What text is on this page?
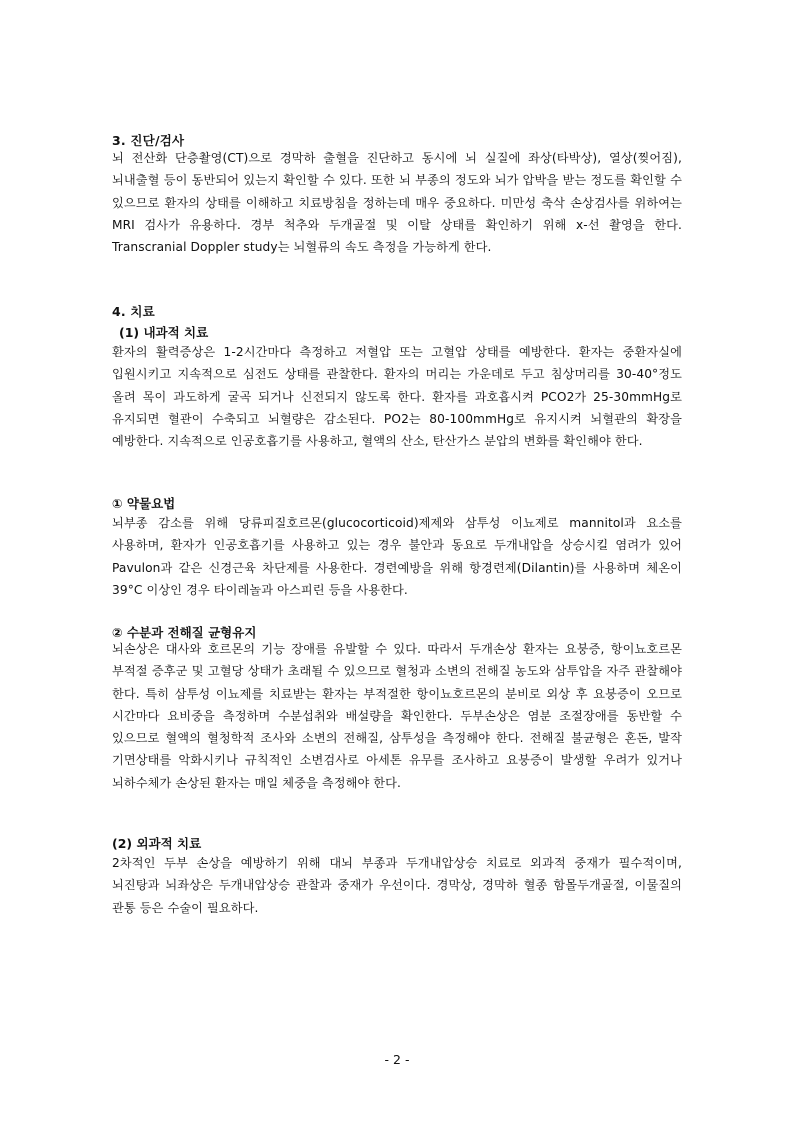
3. 진단/검사
뇌 전산화 단층촬영(CT)으로 경막하 출혈을 진단하고 동시에 뇌 실질에 좌상(타박상), 열상(찢어짐), 뇌내출혈 등이 동반되어 있는지 확인할 수 있다. 또한 뇌 부종의 정도와 뇌가 압박을 받는 정도를 확인할 수 있으므로 환자의 상태를 이해하고 치료방침을 정하는데 매우 중요하다. 미만성 축삭 손상검사를 위하여는 MRI 검사가 유용하다. 경부 척추와 두개골절 및 이탈 상태를 확인하기 위해 x-선 촬영을 한다. Transcranial Doppler study는 뇌혈류의 속도 측정을 가능하게 한다.
4. 치료
(1) 내과적 치료
환자의 활력증상은 1-2시간마다 측정하고 저혈압 또는 고혈압 상태를 예방한다. 환자는 중환자실에 입원시키고 지속적으로 심전도 상태를 관찰한다. 환자의 머리는 가운데로 두고 침상머리를 30-40°정도 올려 목이 과도하게 굴곡 되거나 신전되지 않도록 한다. 환자를 과호흡시켜 PCO2가 25-30mmHg로 유지되면 혈관이 수축되고 뇌혈량은 감소된다. PO2는 80-100mmHg로 유지시켜 뇌혈관의 확장을 예방한다. 지속적으로 인공호흡기를 사용하고, 혈액의 산소, 탄산가스 분압의 변화를 확인해야 한다.
① 약물요법
뇌부종 감소를 위해 당류피질호르몬(glucocorticoid)제제와 삼투성 이뇨제로 mannitol과 요소를 사용하며, 환자가 인공호흡기를 사용하고 있는 경우 불안과 동요로 두개내압을 상승시킬 염려가 있어 Pavulon과 같은 신경근육 차단제를 사용한다. 경련예방을 위해 항경련제(Dilantin)를 사용하며 체온이 39°C 이상인 경우 타이레놀과 아스피린 등을 사용한다.
② 수분과 전해질 균형유지
뇌손상은 대사와 호르몬의 기능 장애를 유발할 수 있다. 따라서 두개손상 환자는 요붕증, 항이뇨호르몬 부적절 증후군 및 고혈당 상태가 초래될 수 있으므로 혈청과 소변의 전해질 농도와 삼투압을 자주 관찰해야 한다. 특히 삼투성 이뇨제를 치료받는 환자는 부적절한 항이뇨호르몬의 분비로 외상 후 요붕증이 오므로 시간마다 요비중을 측정하며 수분섭취와 배설량을 확인한다. 두부손상은 염분 조절장애를 동반할 수 있으므로 혈액의 혈청학적 조사와 소변의 전해질, 삼투성을 측정해야 한다. 전해질 불균형은 혼돈, 발작 기면상태를 악화시키나 규칙적인 소변검사로 아세톤 유무를 조사하고 요붕증이 발생할 우려가 있거나 뇌하수체가 손상된 환자는 매일 체중을 측정해야 한다.
(2) 외과적 치료
2차적인 두부 손상을 예방하기 위해 대뇌 부종과 두개내압상승 치료로 외과적 중재가 필수적이며, 뇌진탕과 뇌좌상은 두개내압상승 관찰과 중재가 우선이다. 경막상, 경막하 혈종 함몰두개골절, 이물질의 관통 등은 수술이 필요하다.
- 2 -
